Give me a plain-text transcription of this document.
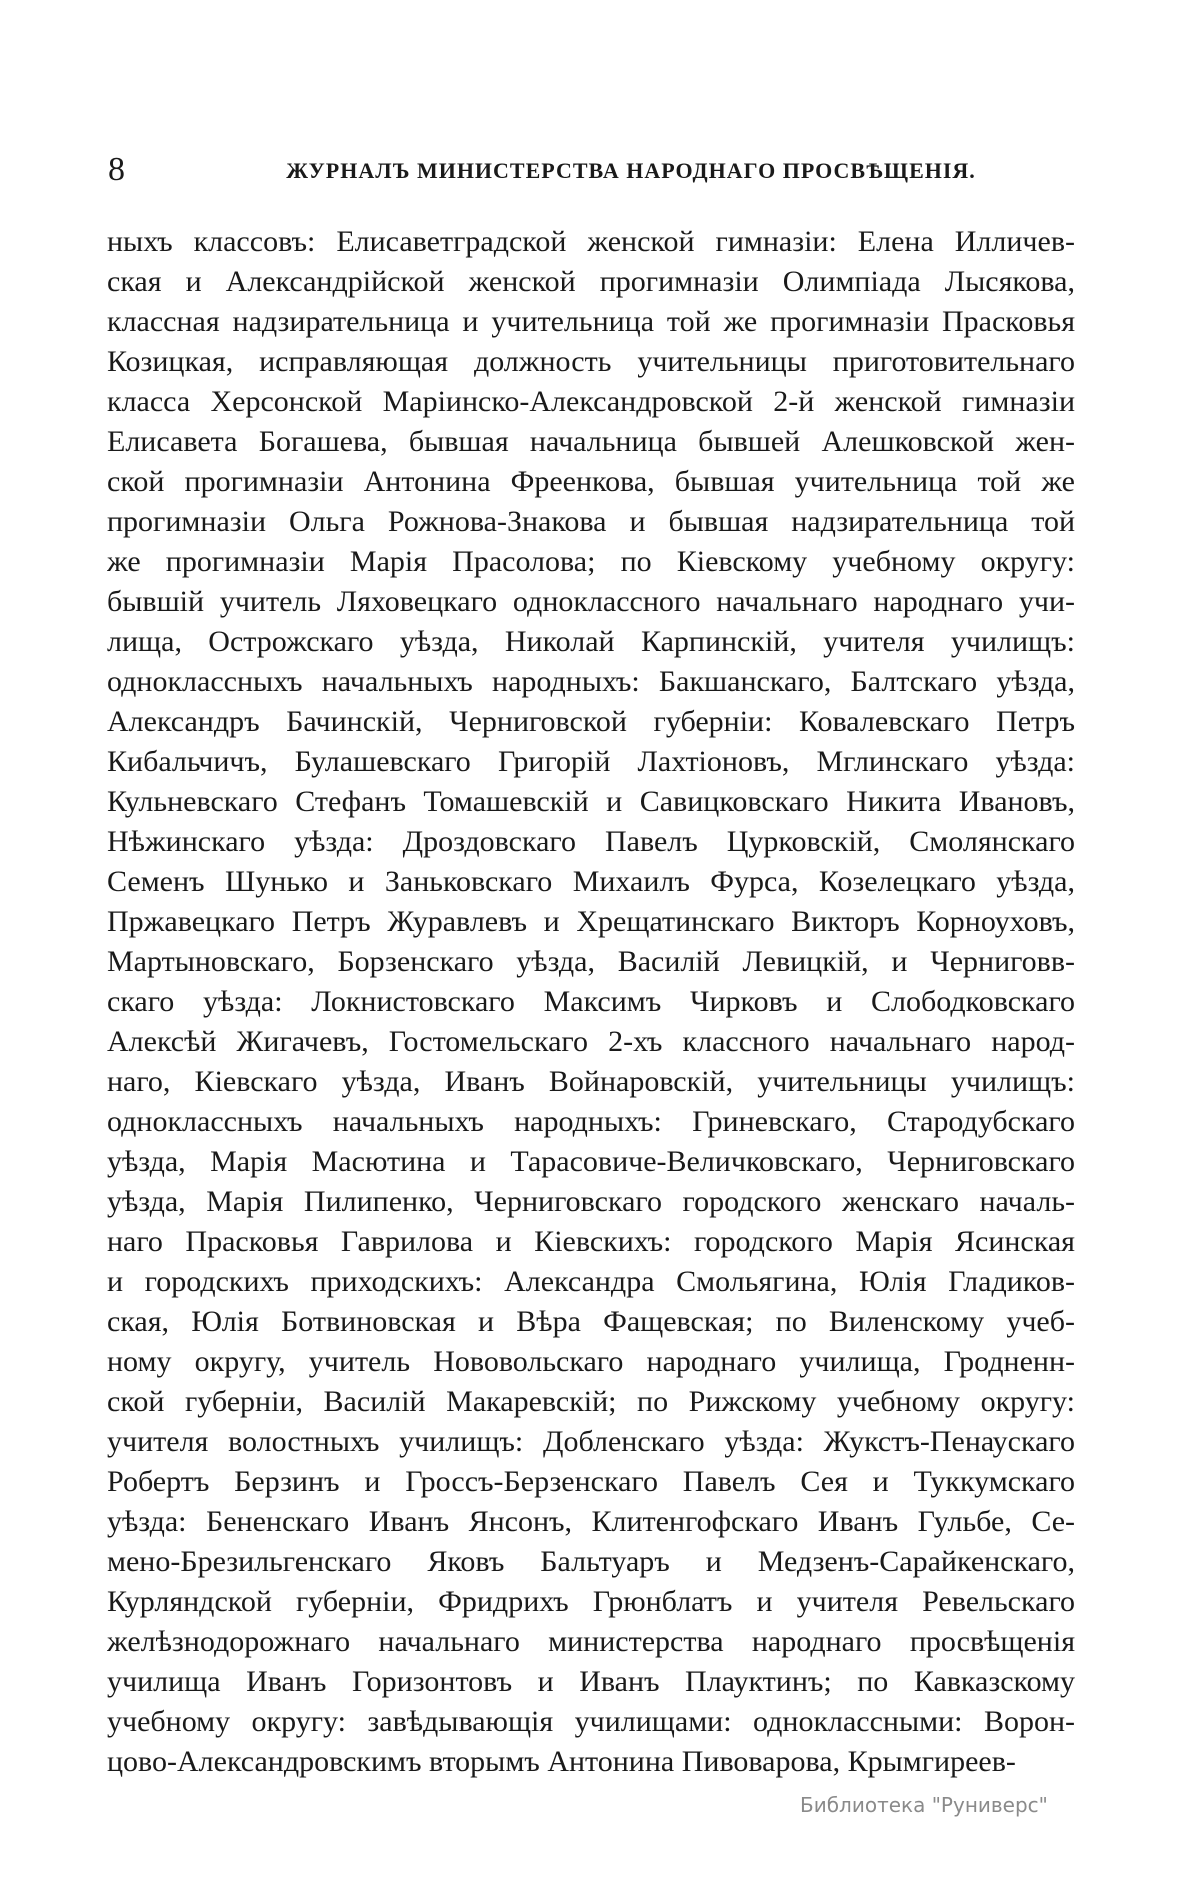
8	ЖУРНАЛЪ МИНИСТЕРСТВА НАРОДНАГО ПРОСВѢЩЕНІЯ.
ныхъ классовъ: Елисаветградской женской гимназіи: Елена Илличев-
ская и Александрійской женской прогимназіи Олимпіада Лысякова,
классная надзирательница и учительница той же прогимназіи Прасковья
Козицкая, исправляющая должность учительницы приготовительнаго
класса Херсонской Маріинско-Александровской 2-й женской гимназіи
Елисавета Богашева, бывшая начальница бывшей Алешковской жен-
ской прогимназіи Антонина Фреенкова, бывшая учительница той же
прогимназіи Ольга Рожнова-Знакова и бывшая надзирательница той
же прогимназіи Марія Прасолова; по Кіевскому учебному округу:
бывшій учитель Ляховецкаго одноклассного начальнаго народнаго учи-
лища, Острожскаго уѣзда, Николай Карпинскій, учителя училищъ:
одноклассныхъ начальныхъ народныхъ: Бакшанскаго, Балтскаго уѣзда,
Александръ Бачинскій, Черниговской губерніи: Ковалевскаго Петръ
Кибальчичъ, Булашевскаго Григорій Лахтіоновъ, Мглинскаго уѣзда:
Кульневскаго Стефанъ Томашевскій и Савицковскаго Никита Ивановъ,
Нѣжинскаго уѣзда: Дроздовскаго Павелъ Цурковскій, Смолянскаго
Семенъ Шунько и Заньковскаго Михаилъ Фурса, Козелецкаго уѣзда,
Пржавецкаго Петръ Журавлевъ и Хрещатинскаго Викторъ Корноуховъ,
Мартыновскаго, Борзенскаго уѣзда, Василій Левицкій, и Черниговв-
скаго уѣзда: Локнистовскаго Максимъ Чирковъ и Слободковскаго
Алексѣй Жигачевъ, Гостомельскаго 2-хъ классного начальнаго народ-
наго, Кіевскаго уѣзда, Иванъ Войнаровскій, учительницы училищъ:
одноклассныхъ начальныхъ народныхъ: Гриневскаго, Стародубскаго
уѣзда, Марія Масютина и Тарасовиче-Величковскаго, Черниговскаго
уѣзда, Марія Пилипенко, Черниговскаго городского женскаго началь-
наго Прасковья Гаврилова и Кіевскихъ: городского Марія Ясинская
и городскихъ приходскихъ: Александра Смольягина, Юлія Гладиков-
ская, Юлія Ботвиновская и Вѣра Фащевская; по Виленскому учеб-
ному округу, учитель Нововольскаго народнаго училища, Гродненн-
ской губерніи, Василій Макаревскій; по Рижскому учебному округу:
учителя волостныхъ училищъ: Добленскаго уѣзда: Жукстъ-Пенаускаго
Робертъ Берзинъ и Гроссъ-Берзенскаго Павелъ Сея и Туккумскаго
уѣзда: Бененскаго Иванъ Янсонъ, Клитенгофскаго Иванъ Гульбе, Се-
мено-Брезильгенскаго Яковъ Бальтуаръ и Медзенъ-Сарайкенскаго,
Курляндской губерніи, Фридрихъ Грюнблатъ и учителя Ревельскаго
желѣзнодорожнаго начальнаго министерства народнаго просвѣщенія
училища Иванъ Горизонтовъ и Иванъ Плауктинъ; по Кавказскому
учебному округу: завѣдывающія училищами: одноклассными: Ворон-
цово-Александровскимъ вторымъ Антонина Пивоварова, Крымгиреев-
Библиотека "Руниверс"
